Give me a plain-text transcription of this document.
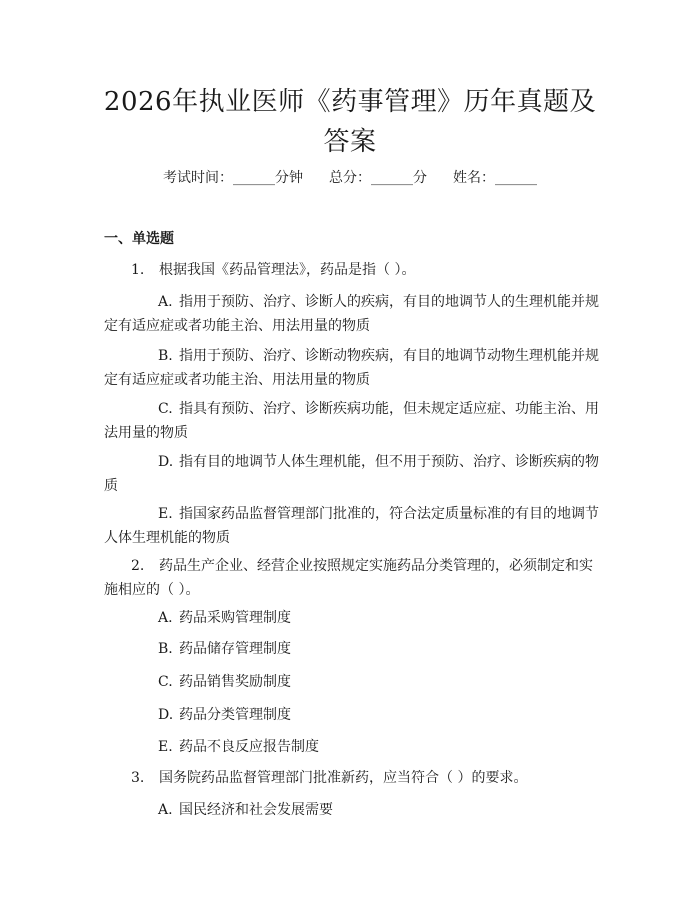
2026年执业医师《药事管理》历年真题及答案
考试时间：______分钟 总分：______分 姓名：______
一、单选题
1. 根据我国《药品管理法》，药品是指（ ）。
A. 指用于预防、治疗、诊断人的疾病，有目的地调节人的生理机能并规定有适应症或者功能主治、用法用量的物质
B. 指用于预防、治疗、诊断动物疾病，有目的地调节动物生理机能并规定有适应症或者功能主治、用法用量的物质
C. 指具有预防、治疗、诊断疾病功能，但未规定适应症、功能主治、用法用量的物质
D. 指有目的地调节人体生理机能，但不用于预防、治疗、诊断疾病的物质
E. 指国家药品监督管理部门批准的，符合法定质量标准的有目的地调节人体生理机能的物质
2. 药品生产企业、经营企业按照规定实施药品分类管理的，必须制定和实施相应的（ ）。
A. 药品采购管理制度
B. 药品储存管理制度
C. 药品销售奖励制度
D. 药品分类管理制度
E. 药品不良反应报告制度
3. 国务院药品监督管理部门批准新药，应当符合（ ）的要求。
A. 国民经济和社会发展需要
